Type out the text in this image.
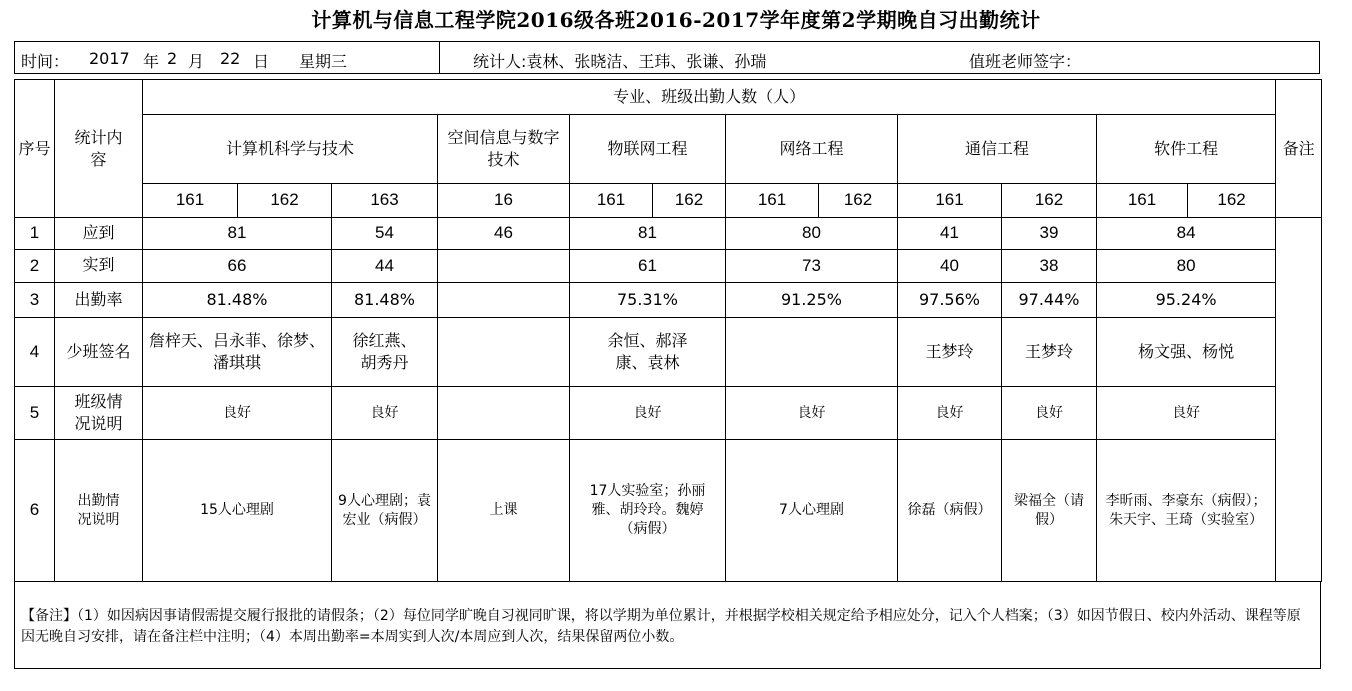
计算机与信息工程学院2016级各班2016-2017学年度第2学期晚自习出勤统计
时间： 2017 年 2 月 22 日 星期三	统计人:袁林、张晓洁、王玮、张谦、孙瑞	值班老师签字：
序号	统计内容	专业、班级出勤人数（人）												备注
		计算机科学与技术			空间信息与数字技术	物联网工程		网络工程		通信工程		软件工程		
		161	162	163	16	161	162	161	162	161	162	161	162	
1	应到	81		54	46	81		80		41	39	84		
2	实到	66		44		61		73		40	38	80		
3	出勤率	81.48%		81.48%		75.31%		91.25%		97.56%	97.44%	95.24%		
4	少班签名	詹梓天、吕永菲、徐梦、潘琪琪		徐红燕、胡秀丹		余恒、郝泽康、袁林				王梦玲	王梦玲	杨文强、杨悦		
5	班级情况说明	良好		良好		良好		良好		良好	良好	良好		
6	出勤情况说明	15人心理剧		9人心理剧；袁宏业（病假）	上课	17人实验室；孙丽雅、胡玲玲。魏婷（病假）		7人心理剧		徐磊（病假）	梁福全（请假）	李昕雨、李豪东（病假）；朱天宇、王琦（实验室）		
【备注】（1）如因病因事请假需提交履行报批的请假条；（2）每位同学旷晚自习视同旷课，将以学期为单位累计，并根据学校相关规定给予相应处分，记入个人档案；（3）如因节假日、校内外活动、课程等原因无晚自习安排，请在备注栏中注明；（4）本周出勤率=本周实到人次/本周应到人次，结果保留两位小数。
